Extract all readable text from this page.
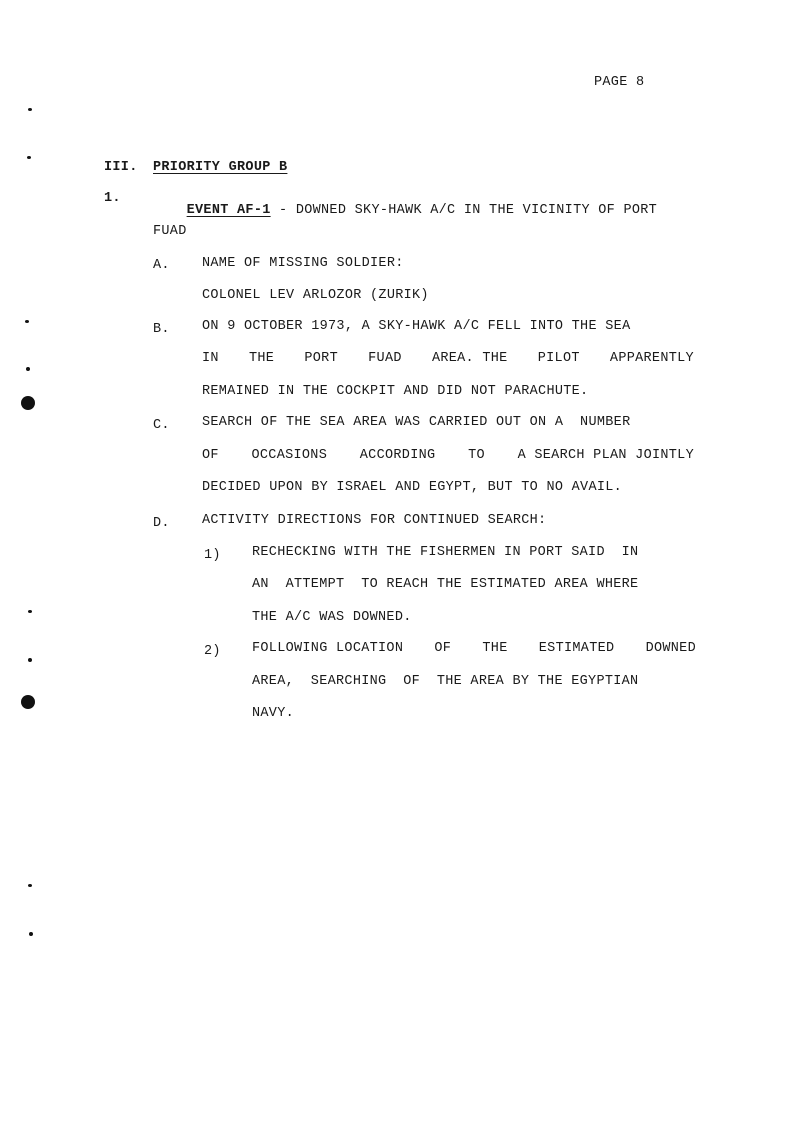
PAGE 8
III. PRIORITY GROUP B
1.

EVENT AF-1 - DOWNED SKY-HAWK A/C IN THE VICINITY OF PORT

FUAD
A. NAME OF MISSING SOLDIER:
COLONEL LEV ARLOZOR (ZURIK)
B. ON 9 OCTOBER 1973, A SKY-HAWK A/C FELL INTO THE SEA
IN THE PORT FUAD AREA. THE PILOT APPARENTLY
REMAINED IN THE COCKPIT AND DID NOT PARACHUTE.
C. SEARCH OF THE SEA AREA WAS CARRIED OUT ON A  NUMBER
OF OCCASIONS ACCORDING TO A SEARCH PLAN JOINTLY
DECIDED UPON BY ISRAEL AND EGYPT, BUT TO NO AVAIL.
D. ACTIVITY DIRECTIONS FOR CONTINUED SEARCH:
1) RECHECKING WITH THE FISHERMEN IN PORT SAID  IN
AN  ATTEMPT  TO REACH THE ESTIMATED AREA WHERE
THE A/C WAS DOWNED.
2) FOLLOWING LOCATION OF THE ESTIMATED DOWNED
AREA,  SEARCHING  OF  THE AREA BY THE EGYPTIAN
NAVY.
